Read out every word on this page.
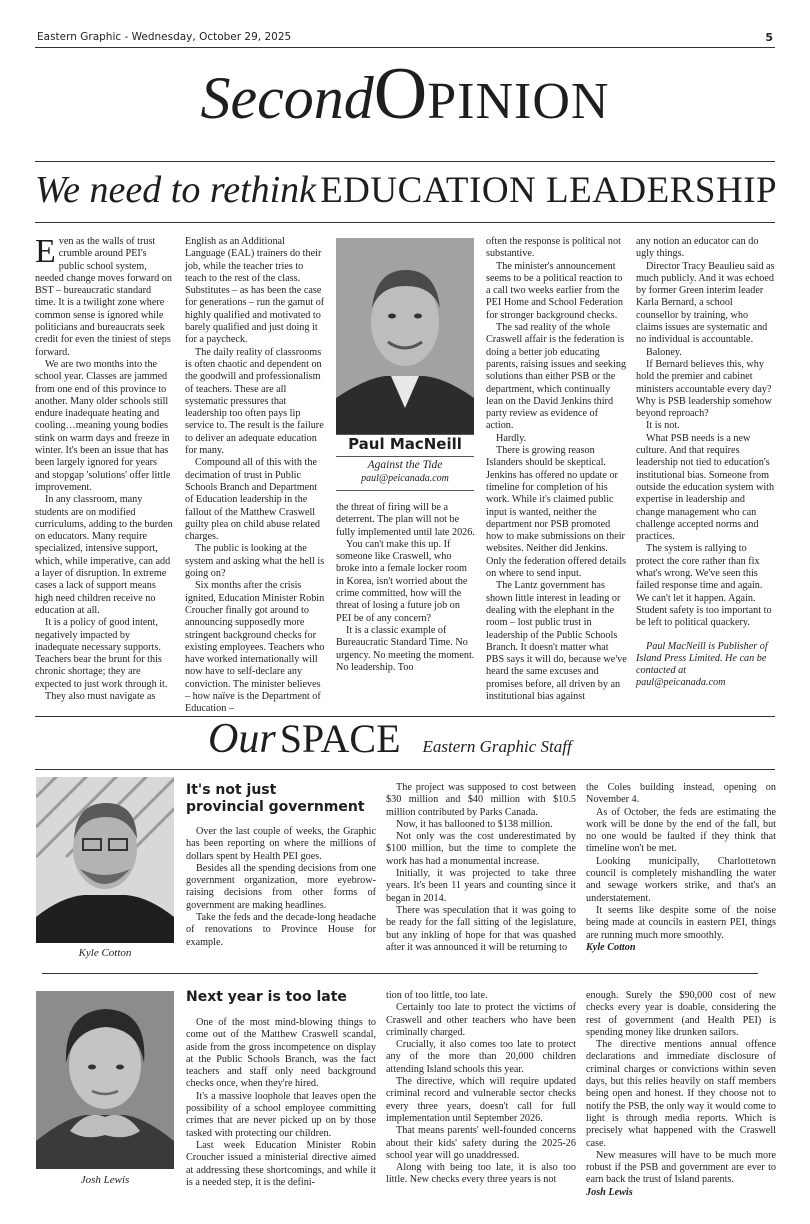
Eastern Graphic - Wednesday, October 29, 2025	5
SecondOPINION
We need to rethink EDUCATION LEADERSHIP

Even as the walls of trust crumble around PEI's public school system, needed change moves forward on BST – bureaucratic standard time. It is a twilight zone where common sense is ignored while politicians and bureaucrats seek credit for even the tiniest of steps forward.

We are two months into the school year. Classes are jammed from one end of this province to another. Many older schools still endure inadequate heating and cooling…meaning young bodies stink on warm days and freeze in winter. It's been an issue that has been largely ignored for years and stopgap 'solutions' offer little improvement.

In any classroom, many students are on modified curriculums, adding to the burden on educators. Many require specialized, intensive support, which, while imperative, can add a layer of disruption. In extreme cases a lack of support means high need children receive no education at all.

It is a policy of good intent, negatively impacted by inadequate necessary supports. Teachers bear the brunt for this chronic shortage; they are expected to just work through it.

They also must navigate as

English as an Additional Language (EAL) trainers do their job, while the teacher tries to teach to the rest of the class. Substitutes – as has been the case for generations – run the gamut of highly qualified and motivated to barely qualified and just doing it for a paycheck.

The daily reality of classrooms is often chaotic and dependent on the goodwill and professionalism of teachers. These are all systematic pressures that leadership too often pays lip service to. The result is the failure to deliver an adequate education for many.

Compound all of this with the decimation of trust in Public Schools Branch and Department of Education leadership in the fallout of the Matthew Craswell guilty plea on child abuse related charges.

The public is looking at the system and asking what the hell is going on?

Six months after the crisis ignited, Education Minister Robin Croucher finally got around to announcing supposedly more stringent background checks for existing employees. Teachers who have worked internationally will now have to self-declare any conviction. The minister believes – how naïve is the Department of Education –

Paul MacNeill
Against the Tide
paul@peicanada.com

the threat of firing will be a deterrent. The plan will not be fully implemented until late 2026.

You can't make this up. If someone like Craswell, who broke into a female locker room in Korea, isn't worried about the crime committed, how will the threat of losing a future job on PEI be of any concern?

It is a classic example of Bureaucratic Standard Time. No urgency. No meeting the moment. No leadership. Too

often the response is political not substantive.

The minister's announcement seems to be a political reaction to a call two weeks earlier from the PEI Home and School Federation for stronger background checks.

The sad reality of the whole Craswell affair is the federation is doing a better job educating parents, raising issues and seeking solutions than either PSB or the department, which continually lean on the David Jenkins third party review as evidence of action.

Hardly.

There is growing reason Islanders should be skeptical. Jenkins has offered no update or timeline for completion of his work. While it's claimed public input is wanted, neither the department nor PSB promoted how to make submissions on their websites. Neither did Jenkins. Only the federation offered details on where to send input.

The Lantz government has shown little interest in leading or dealing with the elephant in the room – lost public trust in leadership of the Public Schools Branch. It doesn't matter what PBS says it will do, because we've heard the same excuses and promises before, all driven by an institutional bias against

any notion an educator can do ugly things.

Director Tracy Beaulieu said as much publicly. And it was echoed by former Green interim leader Karla Bernard, a school counsellor by training, who claims issues are systematic and no individual is accountable.

Baloney.

If Bernard believes this, why hold the premier and cabinet ministers accountable every day? Why is PSB leadership somehow beyond reproach?

It is not.

What PSB needs is a new culture. And that requires leadership not tied to education's institutional bias. Someone from outside the education system with expertise in leadership and change management who can challenge accepted norms and practices.

The system is rallying to protect the core rather than fix what's wrong. We've seen this failed response time and again. We can't let it happen. Again. Student safety is too important to be left to political quackery.

Paul MacNeill is Publisher of Island Press Limited. He can be contacted at paul@peicanada.com

Our SPACE Eastern Graphic Staff
Kyle Cotton
It's not just
provincial government

Over the last couple of weeks, the Graphic has been reporting on where the millions of dollars spent by Health PEI goes.

Besides all the spending decisions from one government organization, more eyebrow-raising decisions from other forms of government are making headlines.

Take the feds and the decade-long headache of renovations to Province House for example.

The project was supposed to cost between $30 million and $40 million with $10.5 million contributed by Parks Canada.

Now, it has ballooned to $138 million.

Not only was the cost underestimated by $100 million, but the time to complete the work has had a monumental increase.

Initially, it was projected to take three years. It's been 11 years and counting since it began in 2014.

There was speculation that it was going to be ready for the fall sitting of the legislature, but any inkling of hope for that was quashed after it was announced it will be returning to

the Coles building instead, opening on November 4.

As of October, the feds are estimating the work will be done by the end of the fall, but no one would be faulted if they think that timeline won't be met.

Looking municipally, Charlottetown council is completely mishandling the water and sewage workers strike, and that's an understatement.

It seems like despite some of the noise being made at councils in eastern PEI, things are running much more smoothly.

Kyle Cotton

Josh Lewis
Next year is too late

One of the most mind-blowing things to come out of the Matthew Craswell scandal, aside from the gross incompetence on display at the Public Schools Branch, was the fact teachers and staff only need background checks once, when they're hired.

It's a massive loophole that leaves open the possibility of a school employee committing crimes that are never picked up on by those tasked with protecting our children.

Last week Education Minister Robin Croucher issued a ministerial directive aimed at addressing these shortcomings, and while it is a needed step, it is the defini-

tion of too little, too late.

Certainly too late to protect the victims of Craswell and other teachers who have been criminally charged.

Crucially, it also comes too late to protect any of the more than 20,000 children attending Island schools this year.

The directive, which will require updated criminal record and vulnerable sector checks every three years, doesn't call for full implementation until September 2026.

That means parents' well-founded concerns about their kids' safety during the 2025-26 school year will go unaddressed.

Along with being too late, it is also too little. New checks every three years is not

enough. Surely the $90,000 cost of new checks every year is doable, considering the rest of government (and Health PEI) is spending money like drunken sailors.

The directive mentions annual offence declarations and immediate disclosure of criminal charges or convictions within seven days, but this relies heavily on staff members being open and honest. If they choose not to notify the PSB, the only way it would come to light is through media reports. Which is precisely what happened with the Craswell case.

New measures will have to be much more robust if the PSB and government are ever to earn back the trust of Island parents.

Josh Lewis
